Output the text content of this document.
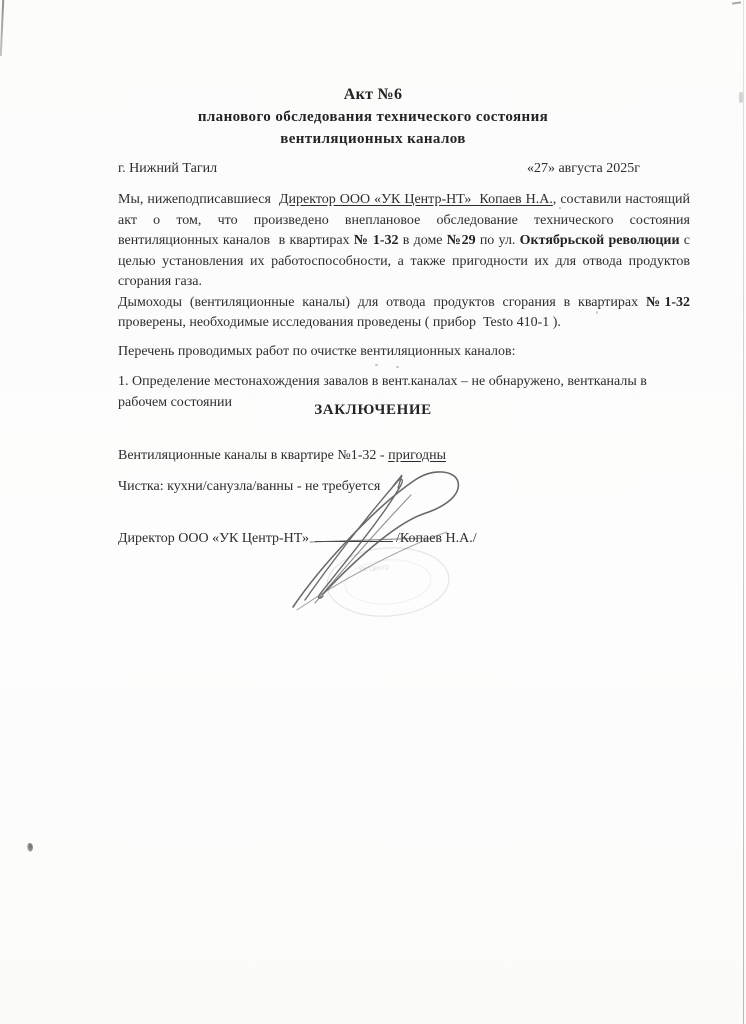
Акт №6
планового обследования технического состояния
вентиляционных каналов
г. Нижний Тагил	«27» августа 2025г

Мы, нижеподписавшиеся  Директор ООО «УК Центр-НТ»  Копаев Н.А., составили настоящий акт о том, что произведено внеплановое обследование технического состояния вентиляционных каналов  в квартирах № 1-32 в доме №29 по ул. Октябрьской революции с целью установления их работоспособности, а также пригодности их для отвода продуктов сгорания газа.

Дымоходы (вентиляционные каналы) для отвода продуктов сгорания в квартирах №1-32 проверены, необходимые исследования проведены ( прибор  Testo 410-1 ).

Перечень проводимых работ по очистке вентиляционных каналов:

1. Определение местонахождения завалов в вент.каналах – не обнаружено, вентканалы в рабочем состоянии	ЗАКЛЮЧЕНИЕ
Вентиляционные каналы в квартире №1-32 - пригодны
Чистка: кухни/санузла/ванны - не требуется
Директор ООО «УК Центр-НТ»	/Копаев Н.А./
УК Центр
